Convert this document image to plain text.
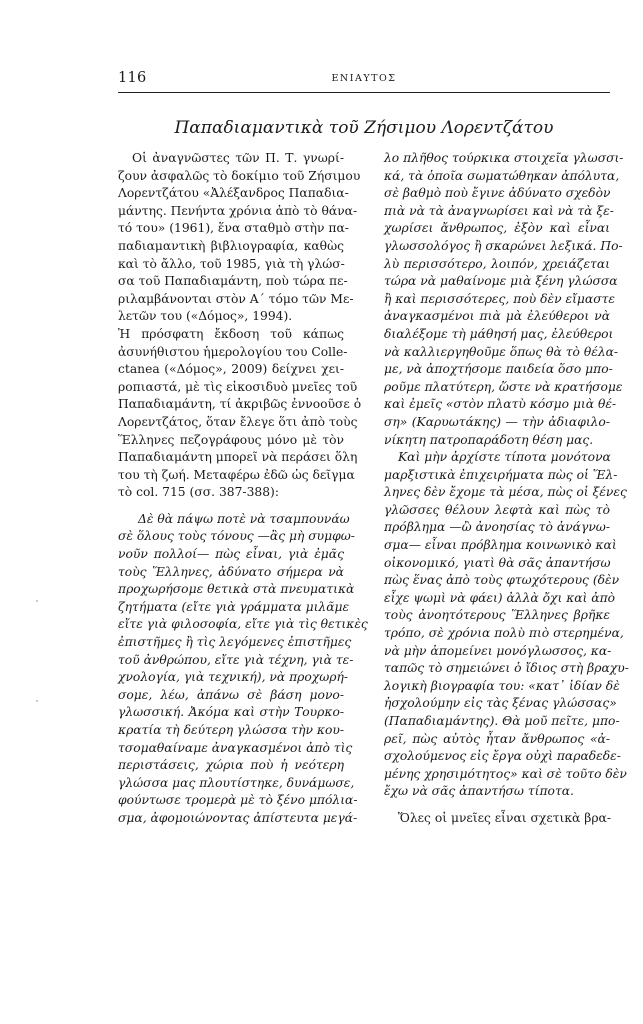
116	ΕΝΙΑΥΤΟΣ
Παπαδιαμαντικὰ τοῦ Ζήσιμου Λορεντζάτου

Οἱ ἀναγνῶστες τῶν Π. Τ. γνωρί-
ζουν ἀσφαλῶς τὸ δοκίμιο τοῦ Ζήσιμου
Λορεντζάτου «Ἀλέξανδρος Παπαδια-
μάντης. Πενήντα χρόνια ἀπὸ τὸ θάνα-
τό του» (1961), ἕνα σταθμὸ στὴν πα-
παδιαμαντικὴ βιβλιογραφία, καθὼς
καὶ τὸ ἄλλο, τοῦ 1985, γιὰ τὴ γλώσ-
σα τοῦ Παπαδιαμάντη, ποὺ τώρα πε-
ριλαμβάνονται στὸν Α΄ τόμο τῶν Με-
λετῶν του («Δόμος», 1994).

Ἡ πρόσφατη ἔκδοση τοῦ κάπως
ἀσυνήθιστου ἡμερολογίου του Colle-
ctanea («Δόμος», 2009) δείχνει χει-
ροπιαστά, μὲ τὶς εἰκοσιδυὸ μνεῖες τοῦ
Παπαδιαμάντη, τί ἀκριβῶς ἐννοοῦσε ὁ
Λορεντζάτος, ὅταν ἔλεγε ὅτι ἀπὸ τοὺς
Ἕλληνες πεζογράφους μόνο μὲ τὸν
Παπαδιαμάντη μπορεῖ νὰ περάσει ὅλη
του τὴ ζωή. Μεταφέρω ἐδῶ ὡς δεῖγμα
τὸ col. 715 (σσ. 387-388):

Δὲ θὰ πάψω ποτὲ νὰ τσαμπουνάω
σὲ ὅλους τοὺς τόνους —ἂς μὴ συμφω-
νοῦν πολλοί— πὼς εἶναι, γιὰ ἐμᾶς
τοὺς Ἕλληνες, ἀδύνατο σήμερα νὰ
προχωρήσομε θετικὰ στὰ πνευματικὰ
ζητήματα (εἴτε γιὰ γράμματα μιλᾶμε
εἴτε γιὰ φιλοσοφία, εἴτε γιὰ τὶς θετικὲς
ἐπιστῆμες ἢ τὶς λεγόμενες ἐπιστῆμες
τοῦ ἀνθρώπου, εἴτε γιὰ τέχνη, γιὰ τε-
χνολογία, γιὰ τεχνική), νὰ προχωρή-
σομε, λέω, ἀπάνω σὲ βάση μονο-
γλωσσική. Ἀκόμα καὶ στὴν Τουρκο-
κρατία τὴ δεύτερη γλώσσα τὴν κου-
τσομαθαίναμε ἀναγκασμένοι ἀπὸ τὶς
περιστάσεις, χώρια ποὺ ἡ νεότερη
γλώσσα μας πλουτίστηκε, δυνάμωσε,
φούντωσε τρομερὰ μὲ τὸ ξένο μπόλια-
σμα, ἀφομοιώνοντας ἀπίστευτα μεγά-

λο πλῆθος τούρκικα στοιχεῖα γλωσσι-
κά, τὰ ὁποῖα σωματώθηκαν ἀπόλυτα,
σὲ βαθμὸ ποὺ ἔγινε ἀδύνατο σχεδὸν
πιὰ νὰ τὰ ἀναγνωρίσει καὶ νὰ τὰ ξε-
χωρίσει ἄνθρωπος, ἐξὸν καὶ εἶναι
γλωσσολόγος ἢ σκαρώνει λεξικά. Πο-
λὺ περισσότερο, λοιπόν, χρειάζεται
τώρα νὰ μαθαίνομε μιὰ ξένη γλώσσα
ἢ καὶ περισσότερες, ποὺ δὲν εἴμαστε
ἀναγκασμένοι πιὰ μὰ ἐλεύθεροι νὰ
διαλέξομε τὴ μάθησή μας, ἐλεύθεροι
νὰ καλλιεργηθοῦμε ὅπως θὰ τὸ θέλα-
με, νὰ ἀποχτήσομε παιδεία ὅσο μπο-
ροῦμε πλατύτερη, ὥστε νὰ κρατήσομε
καὶ ἐμεῖς «στὸν πλατὺ κόσμο μιὰ θέ-
ση» (Καρυωτάκης) — τὴν ἀδιαφιλο-
νίκητη πατροπαράδοτη θέση μας.

Καὶ μὴν ἀρχίστε τίποτα μονότονα
μαρξιστικὰ ἐπιχειρήματα πὼς οἱ Ἕλ-
ληνες δὲν ἔχομε τὰ μέσα, πὼς οἱ ξένες
γλῶσσες θέλουν λεφτὰ καὶ πὼς τὸ
πρόβλημα —ὢ ἀνοησίας τὸ ἀνάγνω-
σμα— εἶναι πρόβλημα κοινωνικὸ καὶ
οἰκονομικό, γιατὶ θὰ σᾶς ἀπαντήσω
πὼς ἕνας ἀπὸ τοὺς φτωχότερους (δὲν
εἶχε ψωμὶ νὰ φάει) ἀλλὰ ὄχι καὶ ἀπὸ
τοὺς ἀνοητότερους Ἕλληνες βρῆκε
τρόπο, σὲ χρόνια πολὺ πιὸ στερημένα,
νὰ μὴν ἀπομείνει μονόγλωσσος, κα-
ταπῶς τὸ σημειώνει ὁ ἴδιος στὴ βραχυ-
λογικὴ βιογραφία του: «κατ᾿ ἰδίαν δὲ
ἠσχολούμην εἰς τὰς ξένας γλώσσας»
(Παπαδιαμάντης). Θὰ μοῦ πεῖτε, μπο-
ρεῖ, πὼς αὐτὸς ἦταν ἄνθρωπος «ἀ-
σχολούμενος εἰς ἔργα οὐχὶ παραδεδε-
μένης χρησιμότητος» καὶ σὲ τοῦτο δὲν
ἔχω νὰ σᾶς ἀπαντήσω τίποτα.

Ὅλες οἱ μνεῖες εἶναι σχετικὰ βρα-
